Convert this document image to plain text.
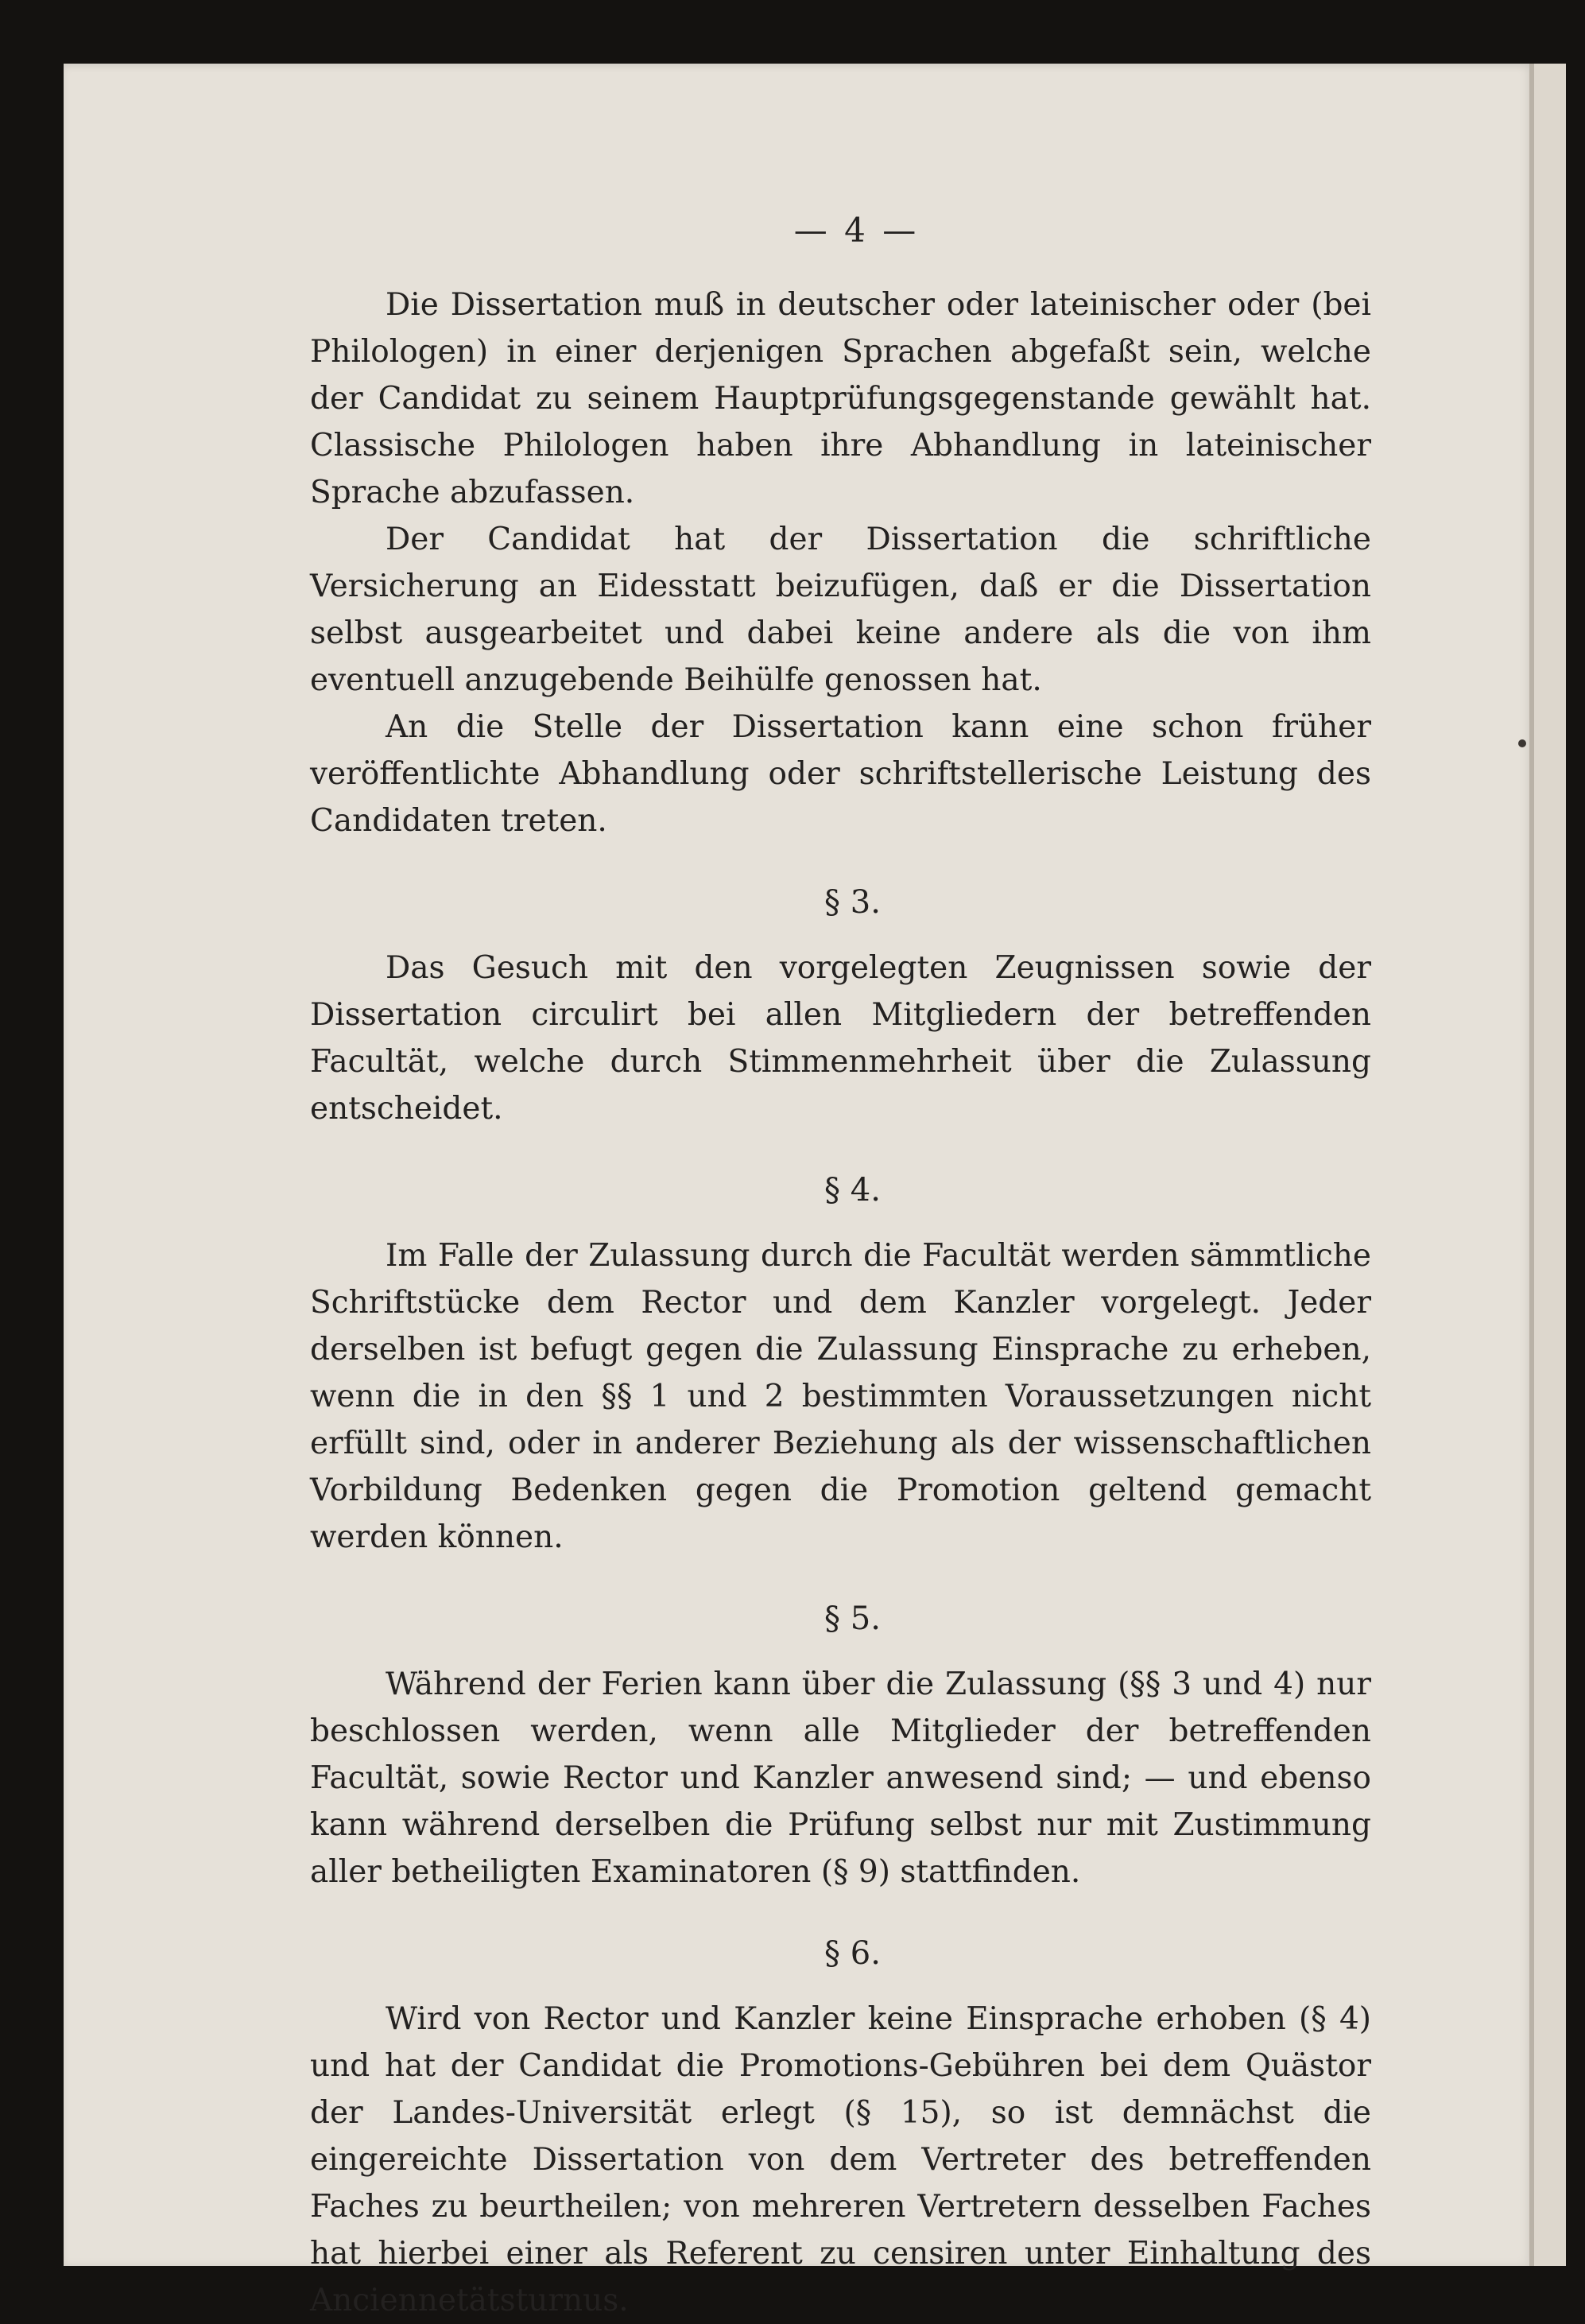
— 4 —

Die Dissertation muß in deutscher oder lateinischer oder (bei Philologen) in einer derjenigen Sprachen abgefaßt sein, welche der Candidat zu seinem Hauptprüfungsgegenstande gewählt hat. Classische Philologen haben ihre Abhandlung in lateinischer Sprache abzufassen.

Der Candidat hat der Dissertation die schriftliche Versicherung an Eidesstatt beizufügen, daß er die Dissertation selbst ausgearbeitet und dabei keine andere als die von ihm eventuell anzugebende Beihülfe genossen hat.

An die Stelle der Dissertation kann eine schon früher veröffentlichte Abhandlung oder schriftstellerische Leistung des Candidaten treten.

§ 3.

Das Gesuch mit den vorgelegten Zeugnissen sowie der Dissertation circulirt bei allen Mitgliedern der betreffenden Facultät, welche durch Stimmenmehrheit über die Zulassung entscheidet.

§ 4.

Im Falle der Zulassung durch die Facultät werden sämmtliche Schriftstücke dem Rector und dem Kanzler vorgelegt. Jeder derselben ist befugt gegen die Zulassung Einsprache zu erheben, wenn die in den §§ 1 und 2 bestimmten Voraussetzungen nicht erfüllt sind, oder in anderer Beziehung als der wissenschaftlichen Vorbildung Bedenken gegen die Promotion geltend gemacht werden können.

§ 5.

Während der Ferien kann über die Zulassung (§§ 3 und 4) nur beschlossen werden, wenn alle Mitglieder der betreffenden Facultät, sowie Rector und Kanzler anwesend sind; — und ebenso kann während derselben die Prüfung selbst nur mit Zustimmung aller betheiligten Examinatoren (§ 9) stattfinden.

§ 6.

Wird von Rector und Kanzler keine Einsprache erhoben (§ 4) und hat der Candidat die Promotions-Gebühren bei dem Quästor der Landes-Universität erlegt (§ 15), so ist demnächst die eingereichte Dissertation von dem Vertreter des betreffenden Faches zu beurtheilen; von mehreren Vertretern desselben Faches hat hierbei einer als Referent zu censiren unter Einhaltung des Anciennetätsturnus.
